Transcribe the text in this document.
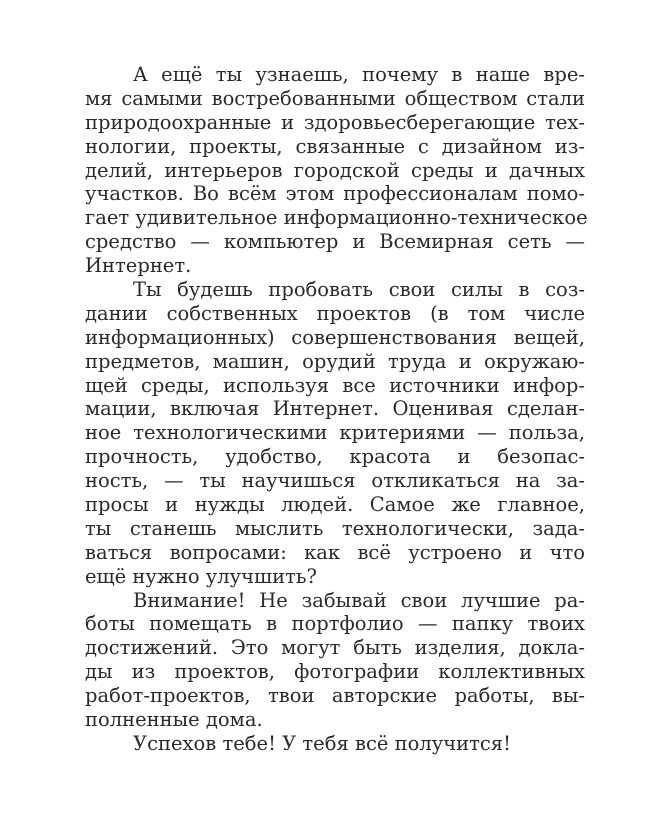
А ещё ты узнаешь, почему в наше вре-
мя самыми востребованными обществом стали
природоохранные и здоровьесберегающие тех-
нологии, проекты, связанные с дизайном из-
делий, интерьеров городской среды и дачных
участков. Во всём этом профессионалам помо-
гает удивительное информационно-техническое
средство — компьютер и Всемирная сеть —
Интернет.
Ты будешь пробовать свои силы в соз-
дании собственных проектов (в том числе
информационных) совершенствования вещей,
предметов, машин, орудий труда и окружаю-
щей среды, используя все источники инфор-
мации, включая Интернет. Оценивая сделан-
ное технологическими критериями — польза,
прочность, удобство, красота и безопас-
ность, — ты научишься откликаться на за-
просы и нужды людей. Самое же главное,
ты станешь мыслить технологически, зада-
ваться вопросами: как всё устроено и что
ещё нужно улучшить?
Внимание! Не забывай свои лучшие ра-
боты помещать в портфолио — папку твоих
достижений. Это могут быть изделия, докла-
ды из проектов, фотографии коллективных
работ-проектов, твои авторские работы, вы-
полненные дома.
Успехов тебе! У тебя всё получится!
